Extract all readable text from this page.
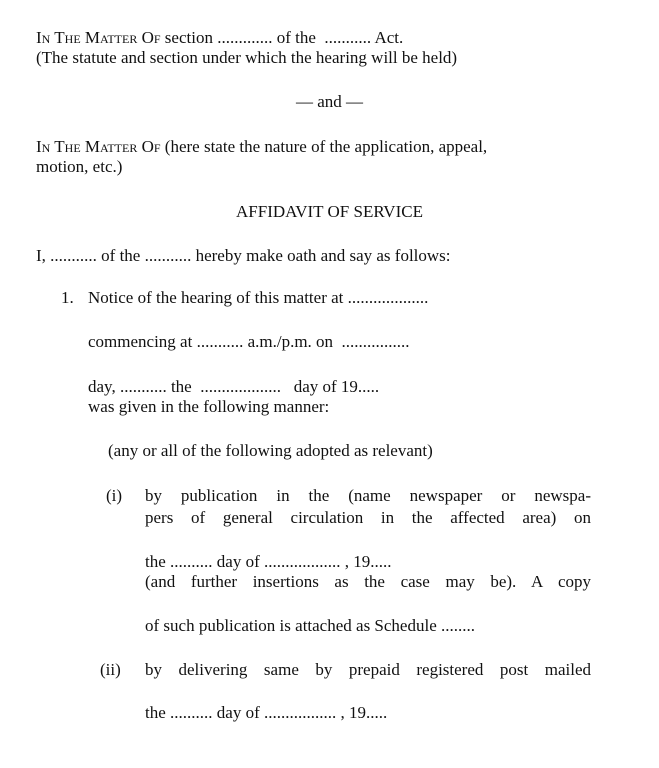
In The Matter Of section ............. of the  ........... Act.
(The statute and section under which the hearing will be held)
— and —
In The Matter Of (here state the nature of the application, appeal,
motion, etc.)
AFFIDAVIT OF SERVICE
I, ........... of the ........... hereby make oath and say as follows:
1. Notice of the hearing of this matter at ...................
commencing at ........... a.m./p.m. on  ................
day, ........... the  ...................   day of 19.....
was given in the following manner:
(any or all of the following adopted as relevant)
(i) by publication in the (name newspaper or newspa-
pers of general circulation in the affected area) on
the .......... day of .................. , 19.....
(and further insertions as the case may be). A copy
of such publication is attached as Schedule ........
(ii) by delivering same by prepaid registered post mailed
the .......... day of ................. , 19.....
